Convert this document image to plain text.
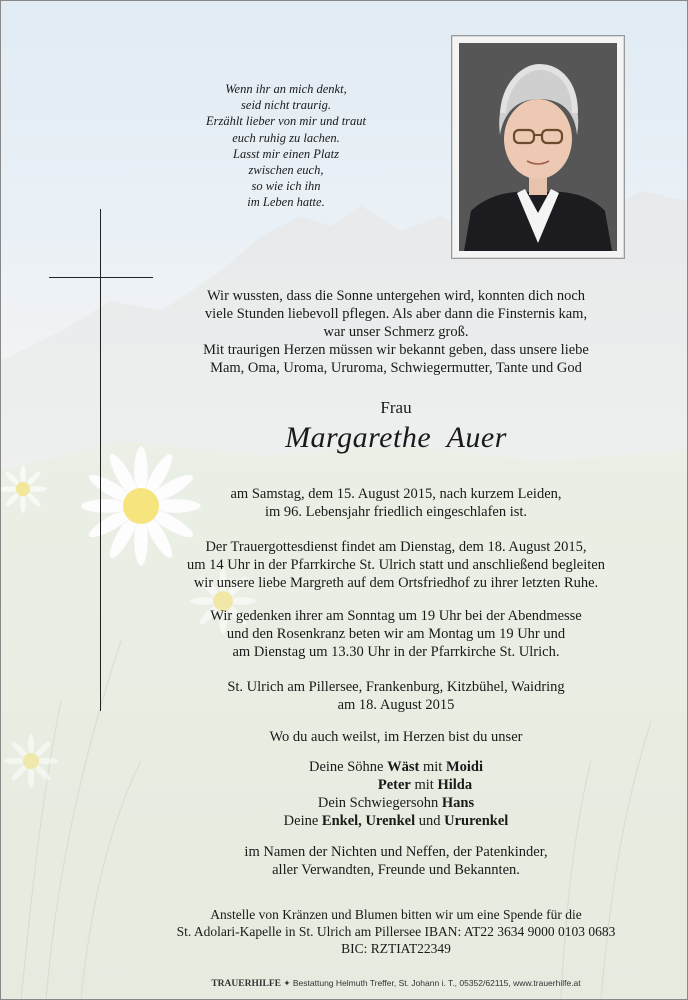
Wenn ihr an mich denkt,
seid nicht traurig.
Erzählt lieber von mir und traut
euch ruhig zu lachen.
Lasst mir einen Platz
zwischen euch,
so wie ich ihn
im Leben hatte.
Wir wussten, dass die Sonne untergehen wird, konnten dich noch
viele Stunden liebevoll pflegen. Als aber dann die Finsternis kam,
war unser Schmerz groß.
Mit traurigen Herzen müssen wir bekannt geben, dass unsere liebe
Mam, Oma, Uroma, Ururoma, Schwiegermutter, Tante und God
Frau
Margarethe  Auer
am Samstag, dem 15. August 2015, nach kurzem Leiden,
im 96. Lebensjahr friedlich eingeschlafen ist.
Der Trauergottesdienst findet am Dienstag, dem 18. August 2015,
um 14 Uhr in der Pfarrkirche St. Ulrich statt und anschließend begleiten
wir unsere liebe Margreth auf dem Ortsfriedhof zu ihrer letzten Ruhe.
Wir gedenken ihrer am Sonntag um 19 Uhr bei der Abendmesse
und den Rosenkranz beten wir am Montag um 19 Uhr und
am Dienstag um 13.30 Uhr in der Pfarrkirche St. Ulrich.
St. Ulrich am Pillersee, Frankenburg, Kitzbühel, Waidring
am 18. August 2015
Wo du auch weilst, im Herzen bist du unser
Deine Söhne Wäst mit Moidi
Peter mit Hilda
Dein Schwiegersohn Hans
Deine Enkel, Urenkel und Ururenkel
im Namen der Nichten und Neffen, der Patenkinder,
aller Verwandten, Freunde und Bekannten.
Anstelle von Kränzen und Blumen bitten wir um eine Spende für die
St. Adolari-Kapelle in St. Ulrich am Pillersee IBAN: AT22 3634 9000 0103 0683
BIC: RZTIAT22349
TRAUERHILFE ✦ Bestattung Helmuth Treffer, St. Johann i. T., 05352/62115, www.trauerhilfe.at
